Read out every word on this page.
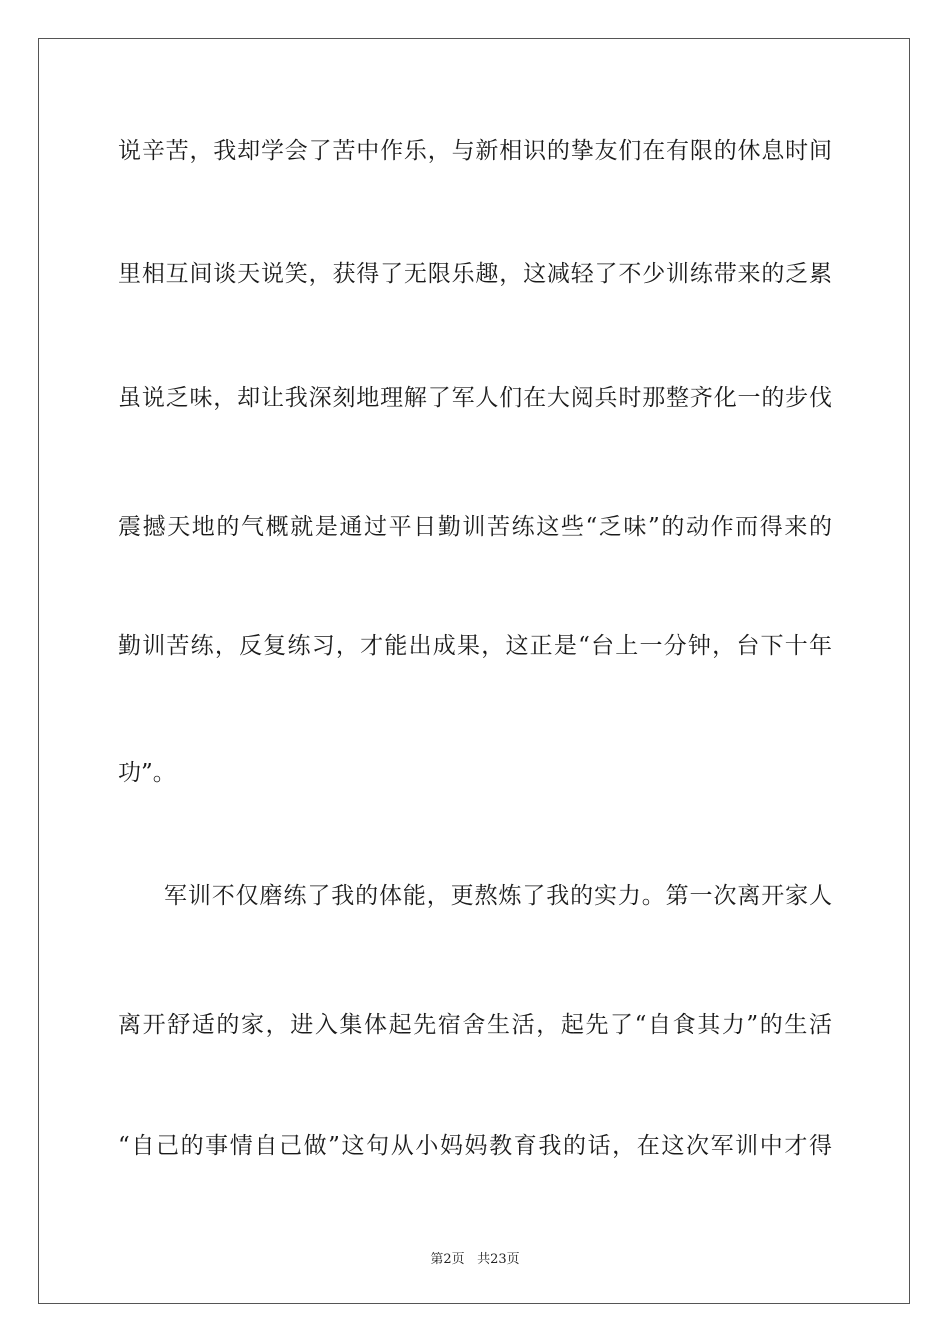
说辛苦，我却学会了苦中作乐，与新相识的挚友们在有限的休息时间
里相互间谈天说笑，获得了无限乐趣，这减轻了不少训练带来的乏累
虽说乏味，却让我深刻地理解了军人们在大阅兵时那整齐化一的步伐
震撼天地的气概就是通过平日勤训苦练这些“乏味”的动作而得来的
勤训苦练，反复练习，才能出成果，这正是“台上一分钟，台下十年
功”。
军训不仅磨练了我的体能，更熬炼了我的实力。第一次离开家人
离开舒适的家，进入集体起先宿舍生活，起先了“自食其力”的生活
“自己的事情自己做”这句从小妈妈教育我的话，在这次军训中才得
第2页 共23页
